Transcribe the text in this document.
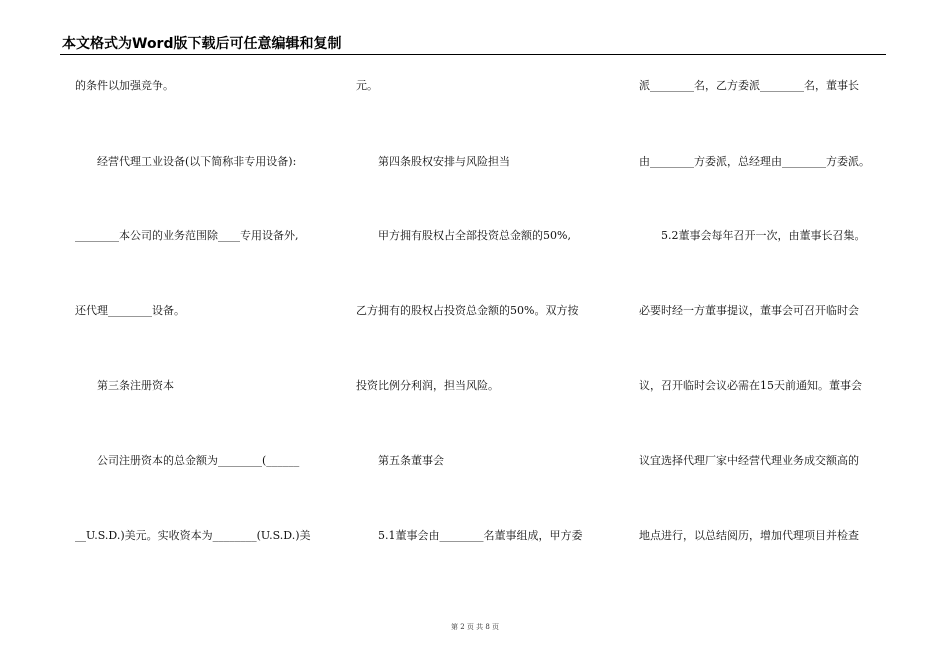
本文格式为Word版下载后可任意编辑和复制
的条件以加强竞争。
　　经营代理工业设备(以下简称非专用设备):
________本公司的业务范围除____专用设备外,
还代理________设备。
　　第三条注册资本
　　公司注册资本的总金额为________(______
__U.S.D.)美元。实收资本为________(U.S.D.)美
元。
　　第四条股权安排与风险担当
　　甲方拥有股权占全部投资总金额的50%,
乙方拥有的股权占投资总金额的50%。双方按
投资比例分利润，担当风险。
　　第五条董事会
　　5.1董事会由________名董事组成，甲方委
派________名，乙方委派________名，董事长
由________方委派，总经理由________方委派。
　　5.2董事会每年召开一次，由董事长召集。
必要时经一方董事提议，董事会可召开临时会
议，召开临时会议必需在15天前通知。董事会
议宜选择代理厂家中经营代理业务成交额高的
地点进行，以总结阅历，增加代理项目并检查
第 2 页 共 8 页
